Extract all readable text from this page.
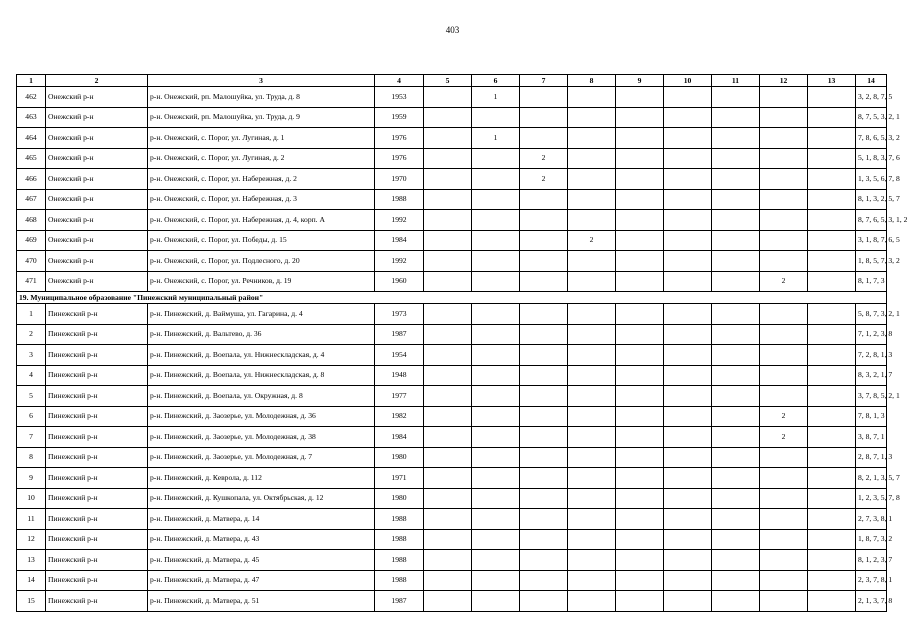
403
1	2	3	4	5	6	7	8	9	10	11	12	13	14
462	Онежский р-н	р-н. Онежский, рп. Малошуйка, ул. Труда, д. 8	1953		1								3, 2, 8, 7, 5
463	Онежский р-н	р-н. Онежский, рп. Малошуйка, ул. Труда, д. 9	1959										8, 7, 5, 3, 2, 1
464	Онежский р-н	р-н. Онежский, с. Порог, ул. Лугиная, д. 1	1976		1								7, 8, 6, 5, 3, 2
465	Онежский р-н	р-н. Онежский, с. Порог, ул. Лугиная, д. 2	1976			2							5, 1, 8, 3, 7, 6
466	Онежский р-н	р-н. Онежский, с. Порог, ул. Набережная, д. 2	1970			2							1, 3, 5, 6, 7, 8
467	Онежский р-н	р-н. Онежский, с. Порог, ул. Набережная, д. 3	1988										8, 1, 3, 2, 5, 7
468	Онежский р-н	р-н. Онежский, с. Порог, ул. Набережная, д. 4, корп. А	1992										8, 7, 6, 5, 3, 1, 2
469	Онежский р-н	р-н. Онежский, с. Порог, ул. Победы, д. 15	1984				2						3, 1, 8, 7, 6, 5
470	Онежский р-н	р-н. Онежский, с. Порог, ул. Подлесного, д. 20	1992										1, 8, 5, 7, 3, 2
471	Онежский р-н	р-н. Онежский, с. Порог, ул. Речников, д. 19	1960								2		8, 1, 7, 3
19. Муниципальное образование "Пинежский муниципальный район"													
1	Пинежский р-н	р-н. Пинежский, д. Ваймуша, ул. Гагарина, д. 4	1973										5, 8, 7, 3, 2, 1
2	Пинежский р-н	р-н. Пинежский, д. Вальтево, д. 36	1987										7, 1, 2, 3, 8
3	Пинежский р-н	р-н. Пинежский, д. Воепала, ул. Нижнескладская, д. 4	1954										7, 2, 8, 1, 3
4	Пинежский р-н	р-н. Пинежский, д. Воепала, ул. Нижнескладская, д. 8	1948										8, 3, 2, 1, 7
5	Пинежский р-н	р-н. Пинежский, д. Воепала, ул. Окружная, д. 8	1977										3, 7, 8, 5, 2, 1
6	Пинежский р-н	р-н. Пинежский, д. Заозерье, ул. Молодежная, д. 36	1982								2		7, 8, 1, 3
7	Пинежский р-н	р-н. Пинежский, д. Заозерье, ул. Молодежная, д. 38	1984								2		3, 8, 7, 1
8	Пинежский р-н	р-н. Пинежский, д. Заозерье, ул. Молодежная, д. 7	1980										2, 8, 7, 1, 3
9	Пинежский р-н	р-н. Пинежский, д. Кеврола, д. 112	1971										8, 2, 1, 3, 5, 7
10	Пинежский р-н	р-н. Пинежский, д. Кушкопала, ул. Октябрьская, д. 12	1980										1, 2, 3, 5, 7, 8
11	Пинежский р-н	р-н. Пинежский, д. Матвера, д. 14	1988										2, 7, 3, 8, 1
12	Пинежский р-н	р-н. Пинежский, д. Матвера, д. 43	1988										1, 8, 7, 3, 2
13	Пинежский р-н	р-н. Пинежский, д. Матвера, д. 45	1988										8, 1, 2, 3, 7
14	Пинежский р-н	р-н. Пинежский, д. Матвера, д. 47	1988										2, 3, 7, 8, 1
15	Пинежский р-н	р-н. Пинежский, д. Матвера, д. 51	1987										2, 1, 3, 7, 8
